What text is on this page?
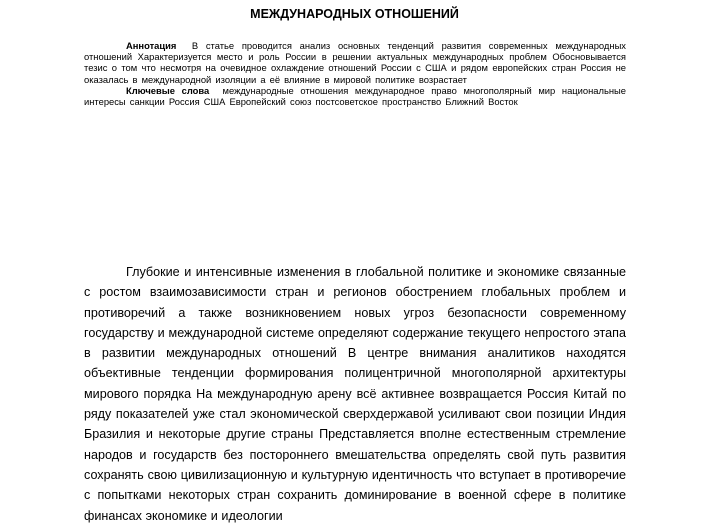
МЕЖДУНАРОДНЫХ ОТНОШЕНИЙ

Аннотация В статье проводится анализ основных тенденций развития современных международных отношений Характеризуется место и роль России в решении актуальных международных проблем Обосновывается тезис о том что несмотря на очевидное охлаждение отношений России с США и рядом европейских стран Россия не оказалась в международной изоляции а её влияние в мировой политике возрастает

Ключевые слова международные отношения международное право многополярный мир национальные интересы санкции Россия США Европейский союз постсоветское пространство Ближний Восток

Глубокие и интенсивные изменения в глобальной политике и экономике связанные с ростом взаимозависимости стран и регионов обострением глобальных проблем и противоречий а также возникновением новых угроз безопасности современному государству и международной системе определяют содержание текущего непростого этапа в развитии международных отношений В центре внимания аналитиков находятся объективные тенденции формирования полицентричной многополярной архитектуры мирового порядка На международную арену всё активнее возвращается Россия Китай по ряду показателей уже стал экономической сверхдержавой усиливают свои позиции Индия Бразилия и некоторые другие страны Представляется вполне естественным стремление народов и государств без постороннего вмешательства определять свой путь развития сохранять свою цивилизационную и культурную идентичность что вступает в противоречие с попытками некоторых стран сохранить доминирование в военной сфере в политике финансах экономике и идеологии
